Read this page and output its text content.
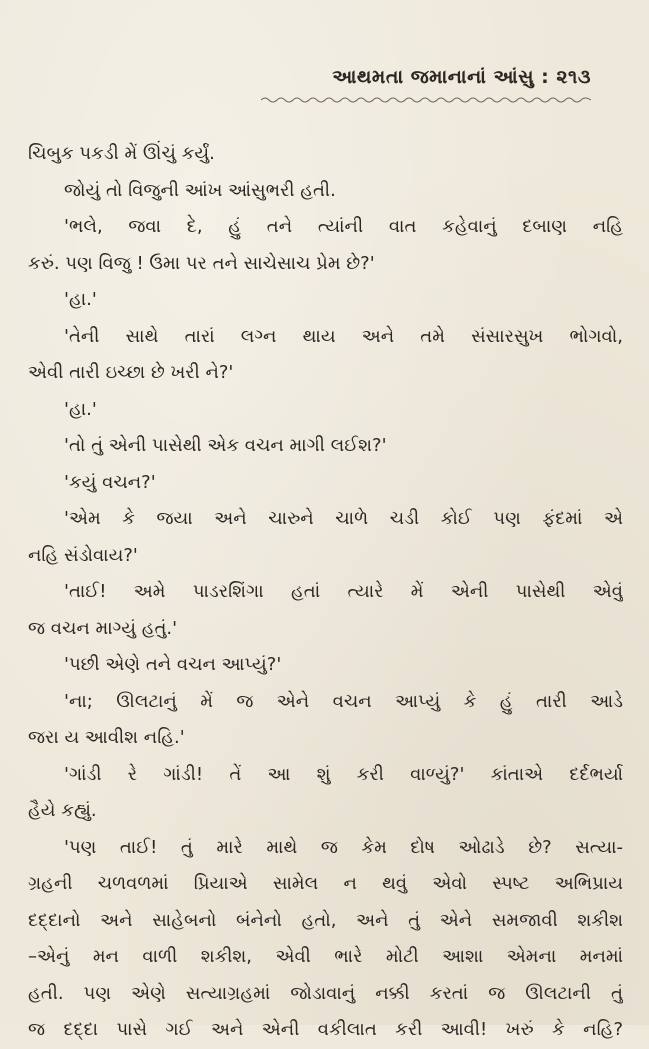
આથમતા જમાનાનાં આંસુ : ૨૧૩
ચિબુક પકડી મેં ઊંચું કર્યું.
જોયું તો વિજુની આંખ આંસુભરી હતી.
'ભલે, જવા દે, હું તને ત્યાંની વાત કહેવાનું દબાણ નહિ
કરું. પણ વિજુ ! ઉમા પર તને સાચેસાચ પ્રેમ છે?'
'હા.'
'તેની સાથે તારાં લગ્ન થાય અને તમે સંસારસુખ ભોગવો,
એવી તારી ઇચ્છા છે ખરી ને?'
'હા.'
'તો તું એની પાસેથી એક વચન માગી લઈશ?'
'કયું વચન?'
'એમ કે જયા અને ચારુને ચાળે ચડી કોઈ પણ ફંદમાં એ
નહિ સંડોવાય?'
'તાઈ! અમે પાડરશિંગા હતાં ત્યારે મેં એની પાસેથી એવું
જ વચન માગ્યું હતું.'
'પછી એણે તને વચન આપ્યું?'
'ના; ઊલટાનું મેં જ એને વચન આપ્યું કે હું તારી આડે
જરા ય આવીશ નહિ.'
'ગાંડી રે ગાંડી! તેં આ શું કરી વાળ્યું?' કાંતાએ દર્દભર્યા
હૈયે કહ્યું.
'પણ તાઈ! તું મારે માથે જ કેમ દોષ ઓઢાડે છે? સત્યા-
ગ્રહની ચળવળમાં પ્રિયાએ સામેલ ન થવું એવો સ્પષ્ટ અભિપ્રાય
દદ્દાનો અને સાહેબનો બંનેનો હતો, અને તું એને સમજાવી શકીશ
–એનું મન વાળી શકીશ, એવી ભારે મોટી આશા એમના મનમાં
હતી. પણ એણે સત્યાગ્રહમાં જોડાવાનું નક્કી કરતાં જ ઊલટાની તું
જ દદ્દા પાસે ગઈ અને એની વકીલાત કરી આવી! ખરું કે નહિ?
